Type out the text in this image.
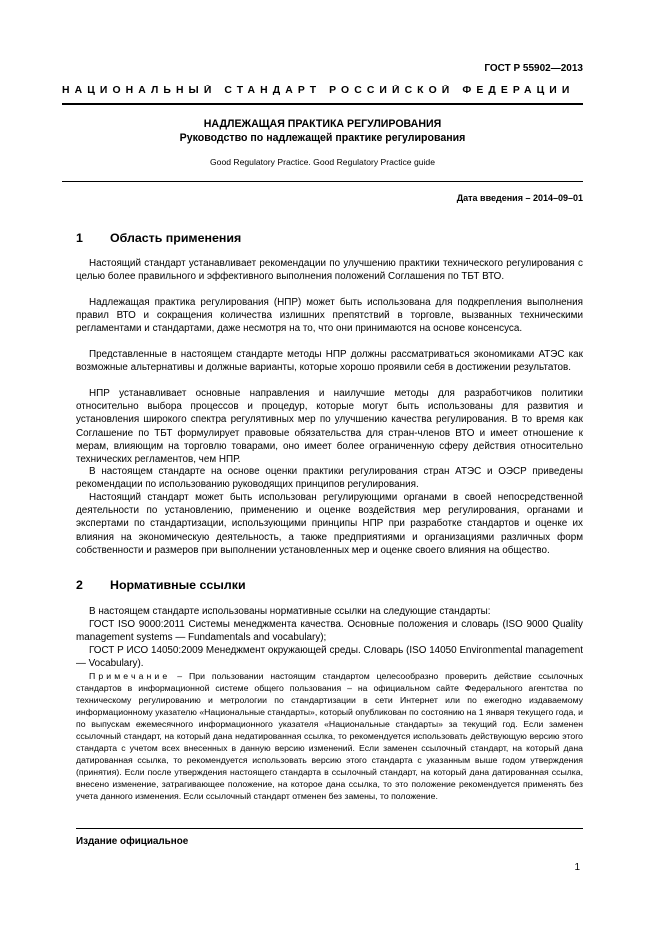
ГОСТ Р 55902—2013
НАЦИОНАЛЬНЫЙ СТАНДАРТ РОССИЙСКОЙ ФЕДЕРАЦИИ
НАДЛЕЖАЩАЯ ПРАКТИКА РЕГУЛИРОВАНИЯ
Руководство по надлежащей практике регулирования
Good Regulatory Practice. Good Regulatory Practice guide
Дата введения – 2014–09–01
1 Область применения

Настоящий стандарт устанавливает рекомендации по улучшению практики технического регулирования с целью более правильного и эффективного выполнения положений Соглашения по ТБТ ВТО.

Надлежащая практика регулирования (НПР) может быть использована для подкрепления выполнения правил ВТО и сокращения количества излишних препятствий в торговле, вызванных техническими регламентами и стандартами, даже несмотря на то, что они принимаются на основе консенсуса.

Представленные в настоящем стандарте методы НПР должны рассматриваться экономиками АТЭС как возможные альтернативы и должные варианты, которые хорошо проявили себя в достижении результатов.

НПР устанавливает основные направления и наилучшие методы для разработчиков политики относительно выбора процессов и процедур, которые могут быть использованы для развития и установления широкого спектра регулятивных мер по улучшению качества регулирования. В то время как Соглашение по ТБТ формулирует правовые обязательства для стран-членов ВТО и имеет отношение к мерам, влияющим на торговлю товарами, оно имеет более ограниченную сферу действия относительно технических регламентов, чем НПР.

В настоящем стандарте на основе оценки практики регулирования стран АТЭС и ОЭСР приведены рекомендации по использованию руководящих принципов регулирования.

Настоящий стандарт может быть использован регулирующими органами в своей непосредственной деятельности по установлению, применению и оценке воздействия мер регулирования, органами и экспертами по стандартизации, использующими принципы НПР при разработке стандартов и оценке их влияния на экономическую деятельность, а также предприятиями и организациями различных форм собственности и размеров при выполнении установленных мер и оценке своего влияния на общество.

2 Нормативные ссылки

В настоящем стандарте использованы нормативные ссылки на следующие стандарты:

ГОСТ ISO 9000:2011 Системы менеджмента качества. Основные положения и словарь (ISO 9000 Quality management systems — Fundamentals and vocabulary);

ГОСТ Р ИСО 14050:2009 Менеджмент окружающей среды. Словарь (ISO 14050 Environmental management — Vocabulary).

Примечание – При пользовании настоящим стандартом целесообразно проверить действие ссылочных стандартов в информационной системе общего пользования – на официальном сайте Федерального агентства по техническому регулированию и метрологии по стандартизации в сети Интернет или по ежегодно издаваемому информационному указателю «Национальные стандарты», который опубликован по состоянию на 1 января текущего года, и по выпускам ежемесячного информационного указателя «Национальные стандарты» за текущий год. Если заменен ссылочный стандарт, на который дана недатированная ссылка, то рекомендуется использовать действующую версию этого стандарта с учетом всех внесенных в данную версию изменений. Если заменен ссылочный стандарт, на который дана датированная ссылка, то рекомендуется использовать версию этого стандарта с указанным выше годом утверждения (принятия). Если после утверждения настоящего стандарта в ссылочный стандарт, на который дана датированная ссылка, внесено изменение, затрагивающее положение, на которое дана ссылка, то это положение рекомендуется применять без учета данного изменения. Если ссылочный стандарт отменен без замены, то положение.

Издание официальное
1
